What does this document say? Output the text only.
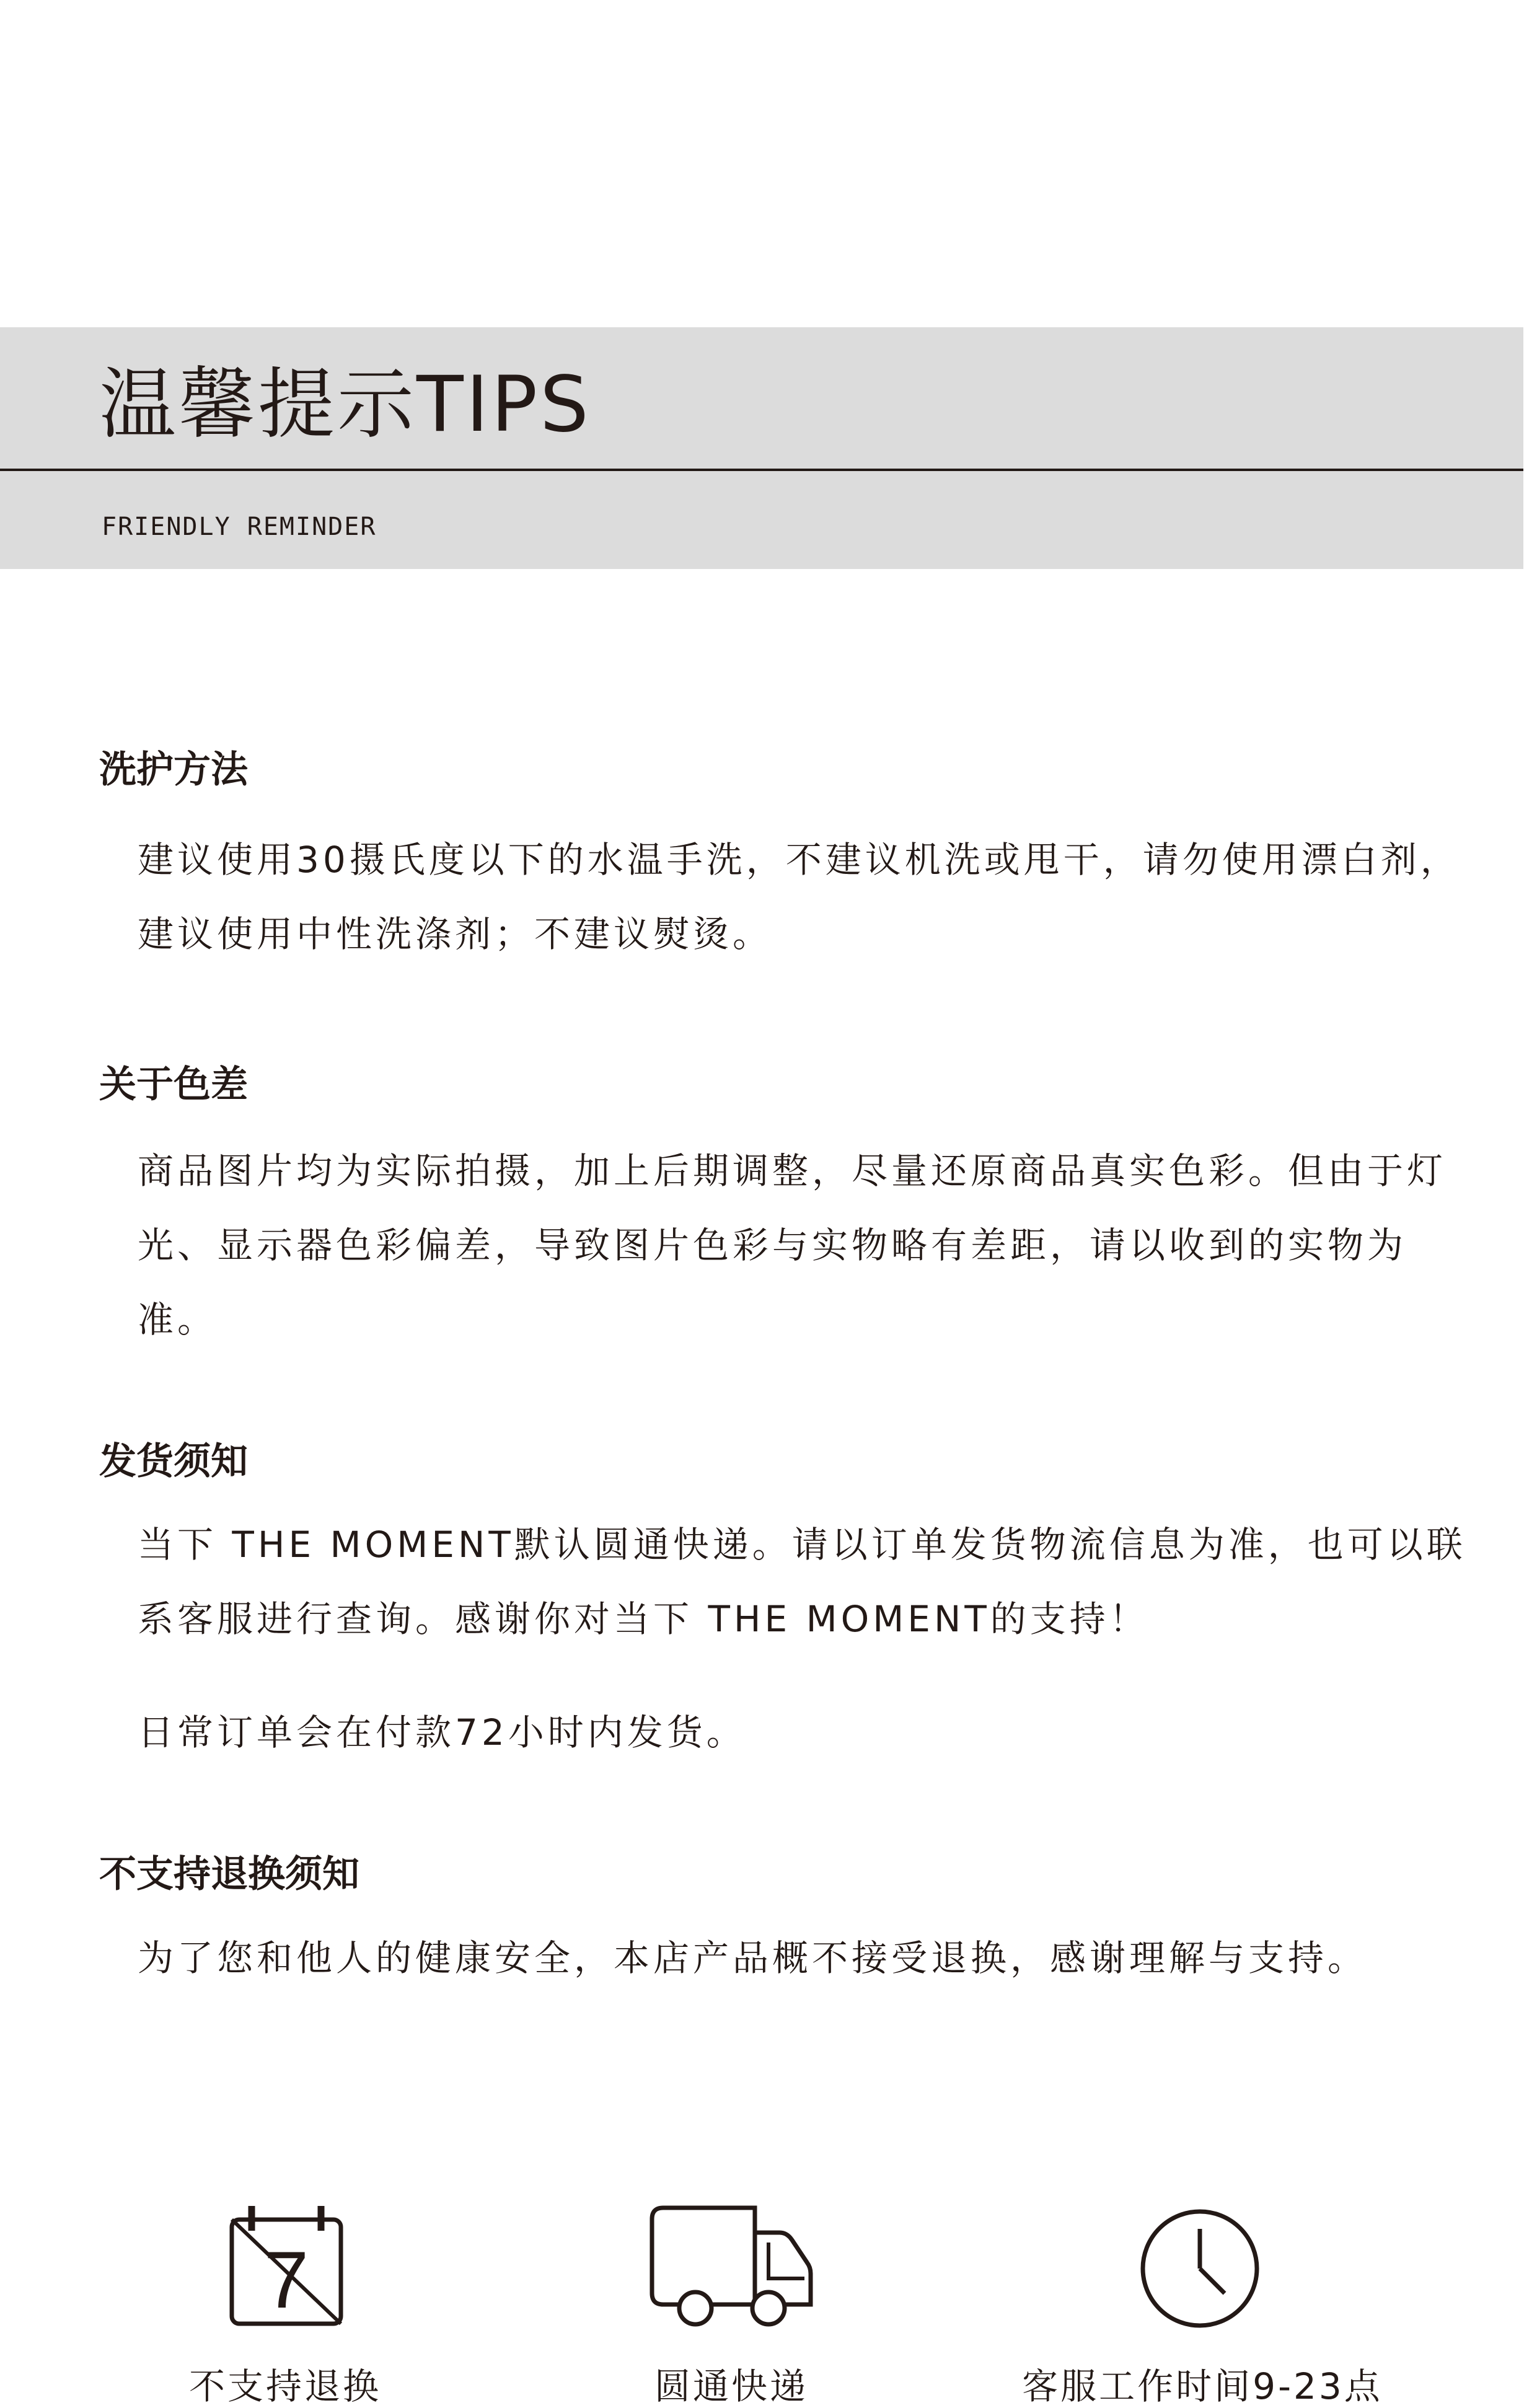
温馨提示TIPS
FRIENDLY REMINDER
洗护方法
建议使用30摄氏度以下的水温手洗，不建议机洗或甩干，请勿使用漂白剂，建议使用中性洗涤剂；不建议熨烫。
关于色差
商品图片均为实际拍摄，加上后期调整，尽量还原商品真实色彩。但由于灯光、显示器色彩偏差，导致图片色彩与实物略有差距，请以收到的实物为准。
发货须知
当下 THE MOMENT默认圆通快递。请以订单发货物流信息为准，也可以联系客服进行查询。感谢你对当下 THE MOMENT的支持！
日常订单会在付款72小时内发货。
不支持退换须知
为了您和他人的健康安全，本店产品概不接受退换，感谢理解与支持。
7
不支持退换	圆通快递	客服工作时间9-23点
